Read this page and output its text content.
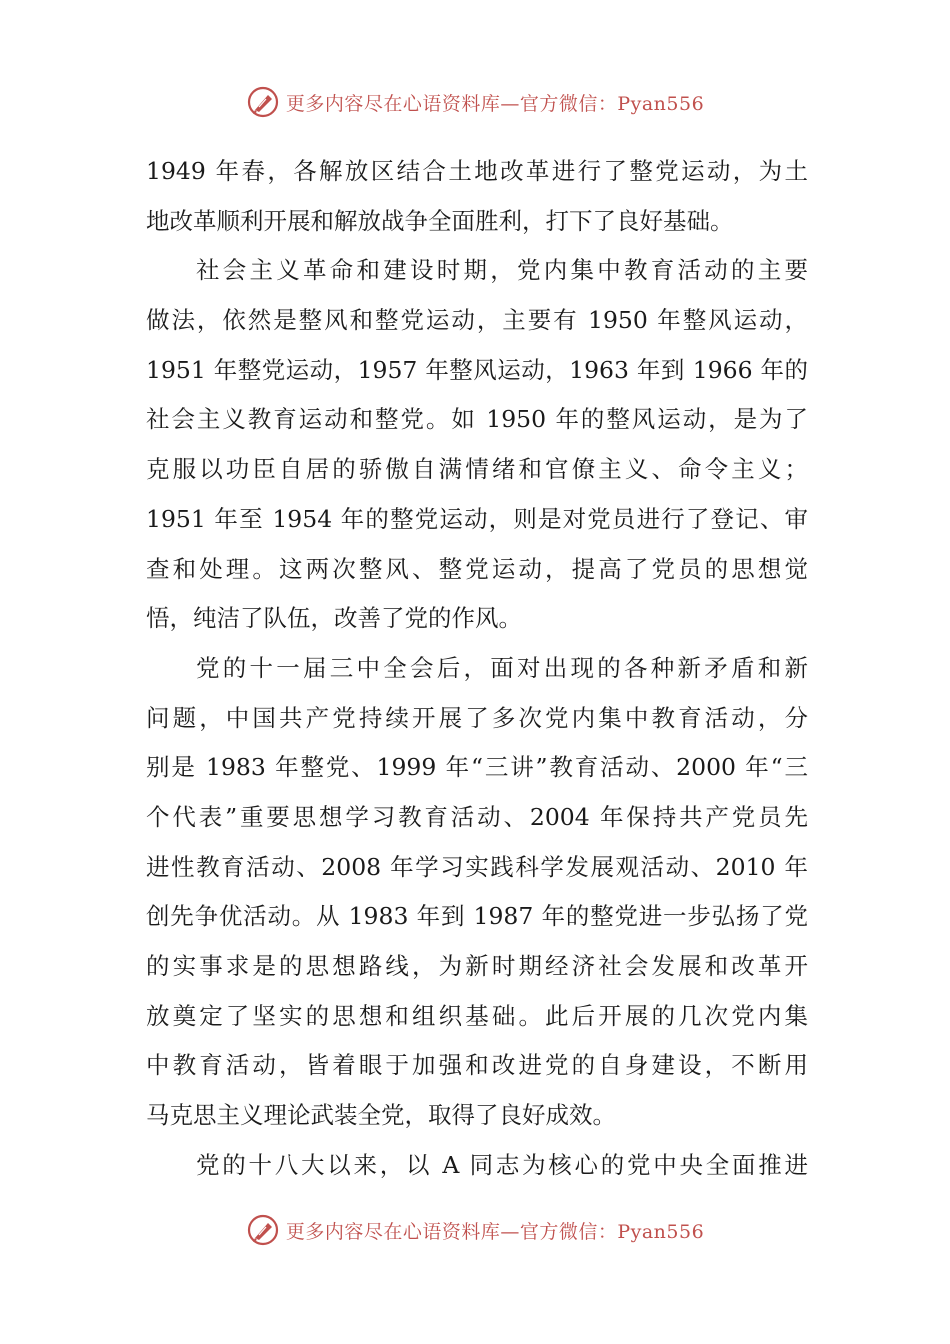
更多内容尽在心语资料库—官方微信：Pyan556
1949 年春，各解放区结合土地改革进行了整党运动，为土
地改革顺利开展和解放战争全面胜利，打下了良好基础。
社会主义革命和建设时期，党内集中教育活动的主要
做法，依然是整风和整党运动，主要有 1950 年整风运动，
1951 年整党运动，1957 年整风运动，1963 年到 1966 年的
社会主义教育运动和整党。如 1950 年的整风运动，是为了
克服以功臣自居的骄傲自满情绪和官僚主义、命令主义；
1951 年至 1954 年的整党运动，则是对党员进行了登记、审
查和处理。这两次整风、整党运动，提高了党员的思想觉
悟，纯洁了队伍，改善了党的作风。
党的十一届三中全会后，面对出现的各种新矛盾和新
问题，中国共产党持续开展了多次党内集中教育活动，分
别是 1983 年整党、1999 年“三讲”教育活动、2000 年“三
个代表”重要思想学习教育活动、2004 年保持共产党员先
进性教育活动、2008 年学习实践科学发展观活动、2010 年
创先争优活动。从 1983 年到 1987 年的整党进一步弘扬了党
的实事求是的思想路线，为新时期经济社会发展和改革开
放奠定了坚实的思想和组织基础。此后开展的几次党内集
中教育活动，皆着眼于加强和改进党的自身建设，不断用
马克思主义理论武装全党，取得了良好成效。
党的十八大以来，以 A 同志为核心的党中央全面推进
更多内容尽在心语资料库—官方微信：Pyan556
